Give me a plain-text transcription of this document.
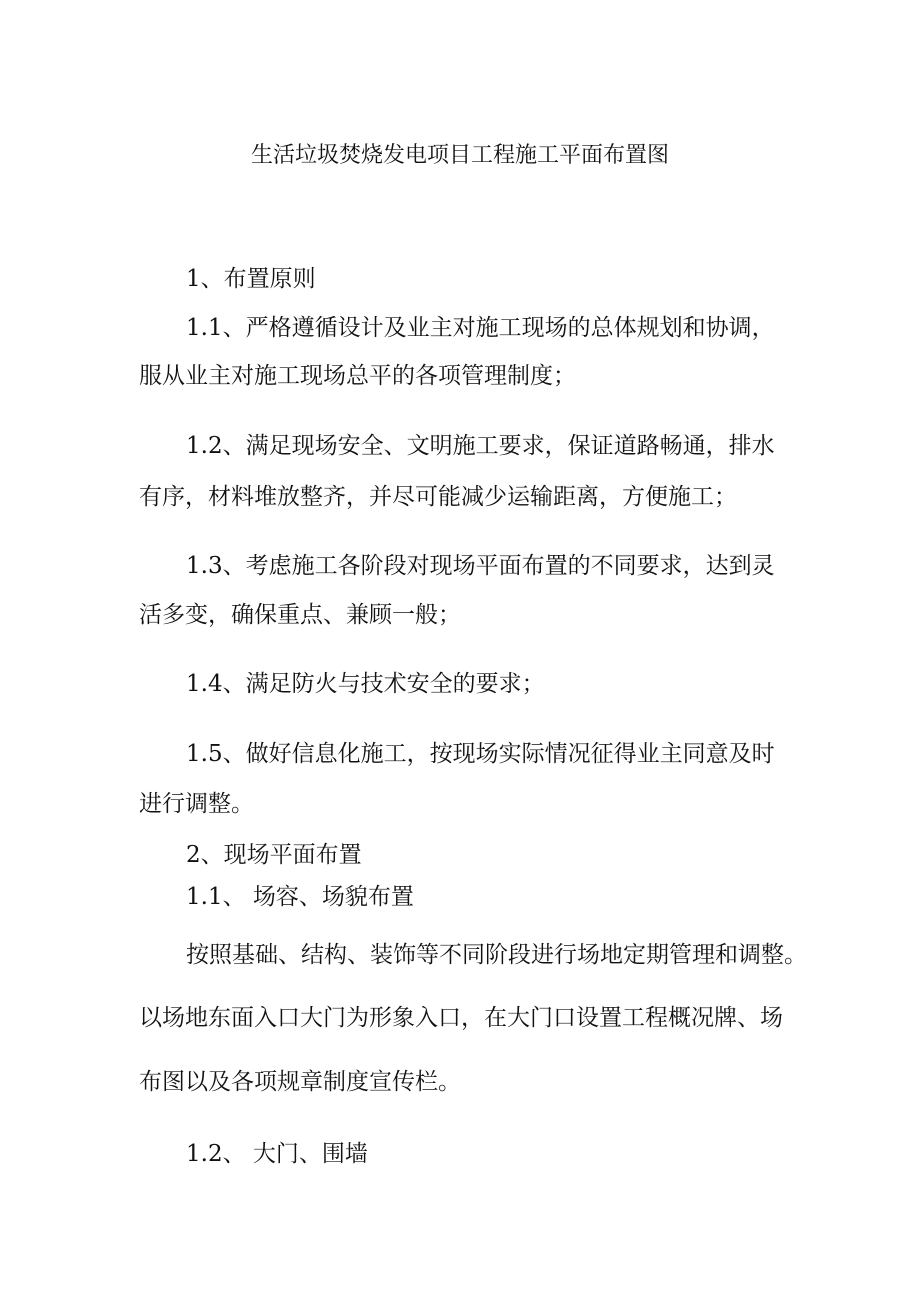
生活垃圾焚烧发电项目工程施工平面布置图
1、布置原则
1.1、严格遵循设计及业主对施工现场的总体规划和协调，
服从业主对施工现场总平的各项管理制度；
1.2、满足现场安全、文明施工要求，保证道路畅通，排水
有序，材料堆放整齐，并尽可能减少运输距离，方便施工；
1.3、考虑施工各阶段对现场平面布置的不同要求，达到灵
活多变，确保重点、兼顾一般；
1.4、满足防火与技术安全的要求；
1.5、做好信息化施工，按现场实际情况征得业主同意及时
进行调整。
2、现场平面布置
1.1、 场容、场貌布置
按照基础、结构、装饰等不同阶段进行场地定期管理和调整。
以场地东面入口大门为形象入口，在大门口设置工程概况牌、场
布图以及各项规章制度宣传栏。
1.2、 大门、围墙
